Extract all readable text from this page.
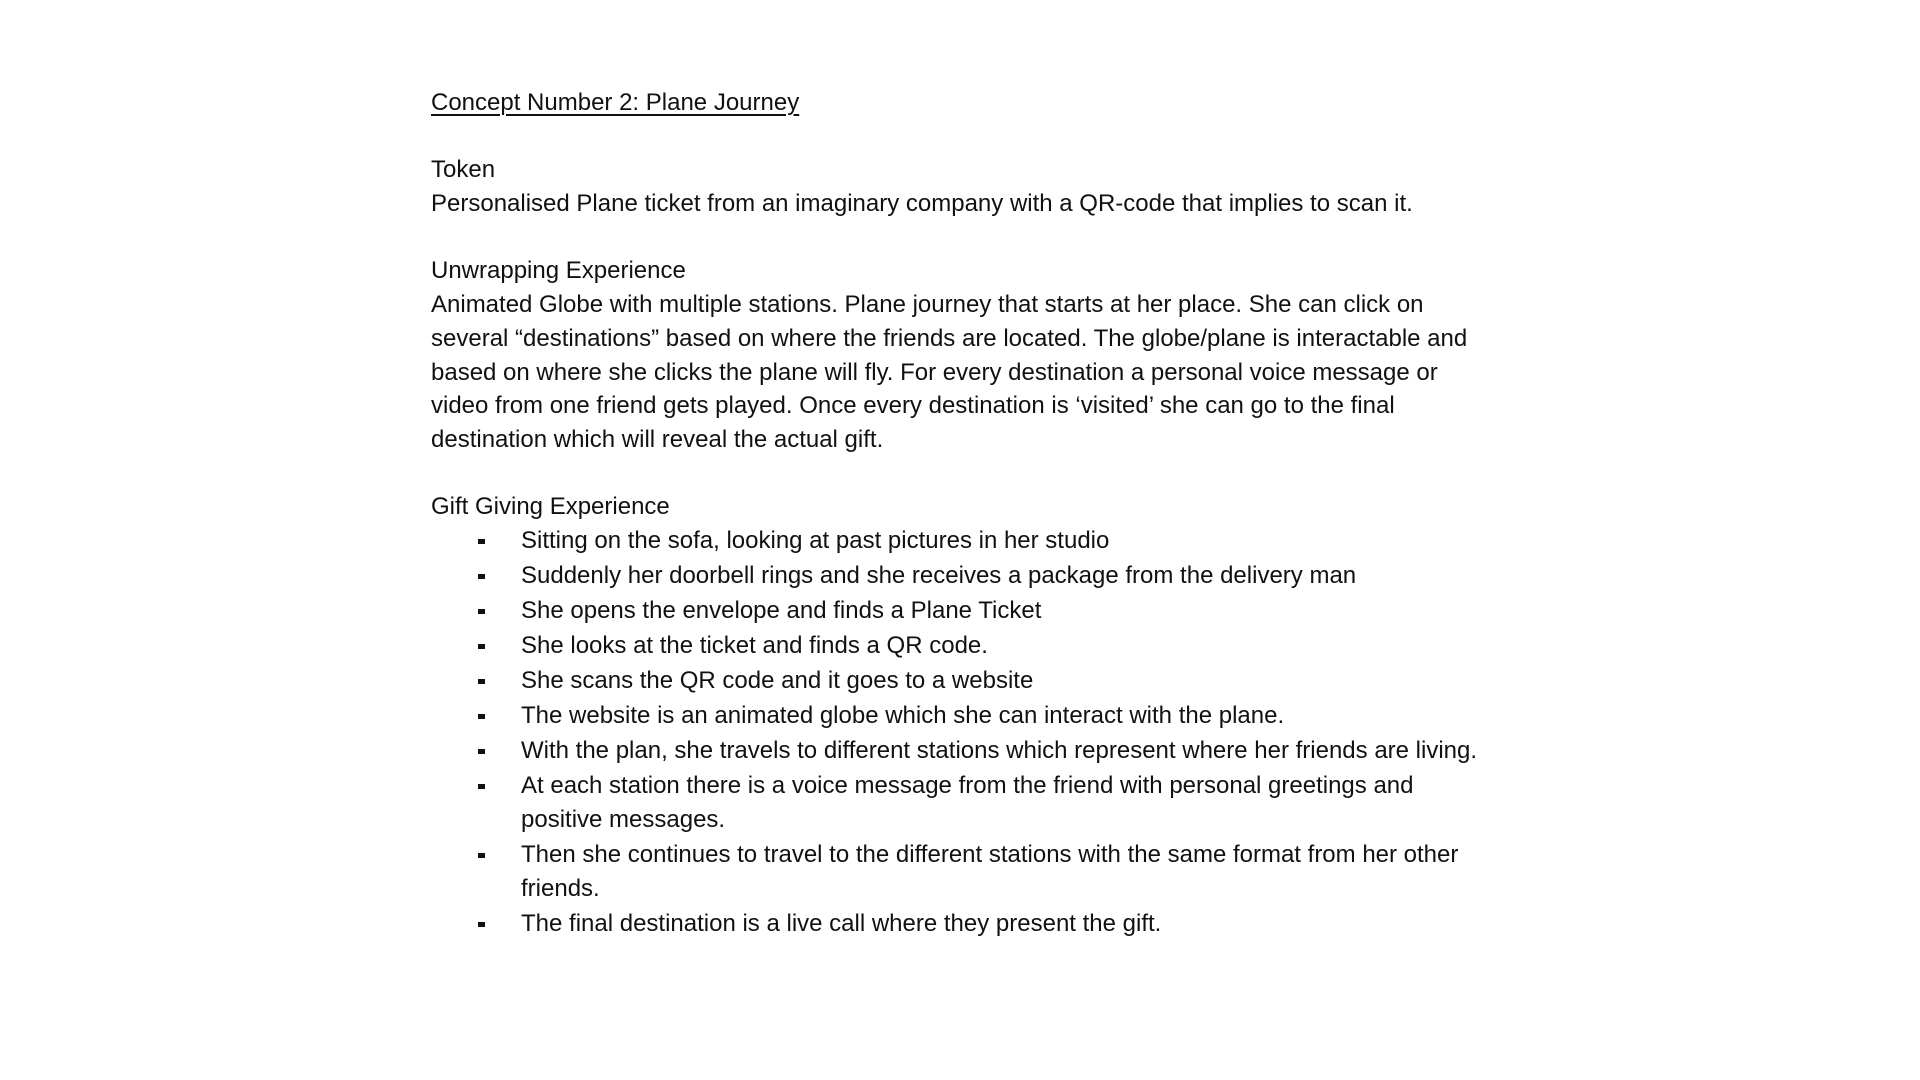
Concept Number 2: Plane Journey

Token

Personalised Plane ticket from an imaginary company with a QR-code that implies to scan it.

Unwrapping Experience

Animated Globe with multiple stations. Plane journey that starts at her place. She can click on several “destinations” based on where the friends are located. The globe/plane is interactable and based on where she clicks the plane will fly. For every destination a personal voice message or video from one friend gets played. Once every destination is ‘visited’ she can go to the final destination which will reveal the actual gift.

Gift Giving Experience

Sitting on the sofa, looking at past pictures in her studio
Suddenly her doorbell rings and she receives a package from the delivery man
She opens the envelope and finds a Plane Ticket
She looks at the ticket and finds a QR code.
She scans the QR code and it goes to a website
The website is an animated globe which she can interact with the plane.
With the plan, she travels to different stations which represent where her friends are living.
At each station there is a voice message from the friend with personal greetings and positive messages.
Then she continues to travel to the different stations with the same format from her other friends.
The final destination is a live call where they present the gift.
